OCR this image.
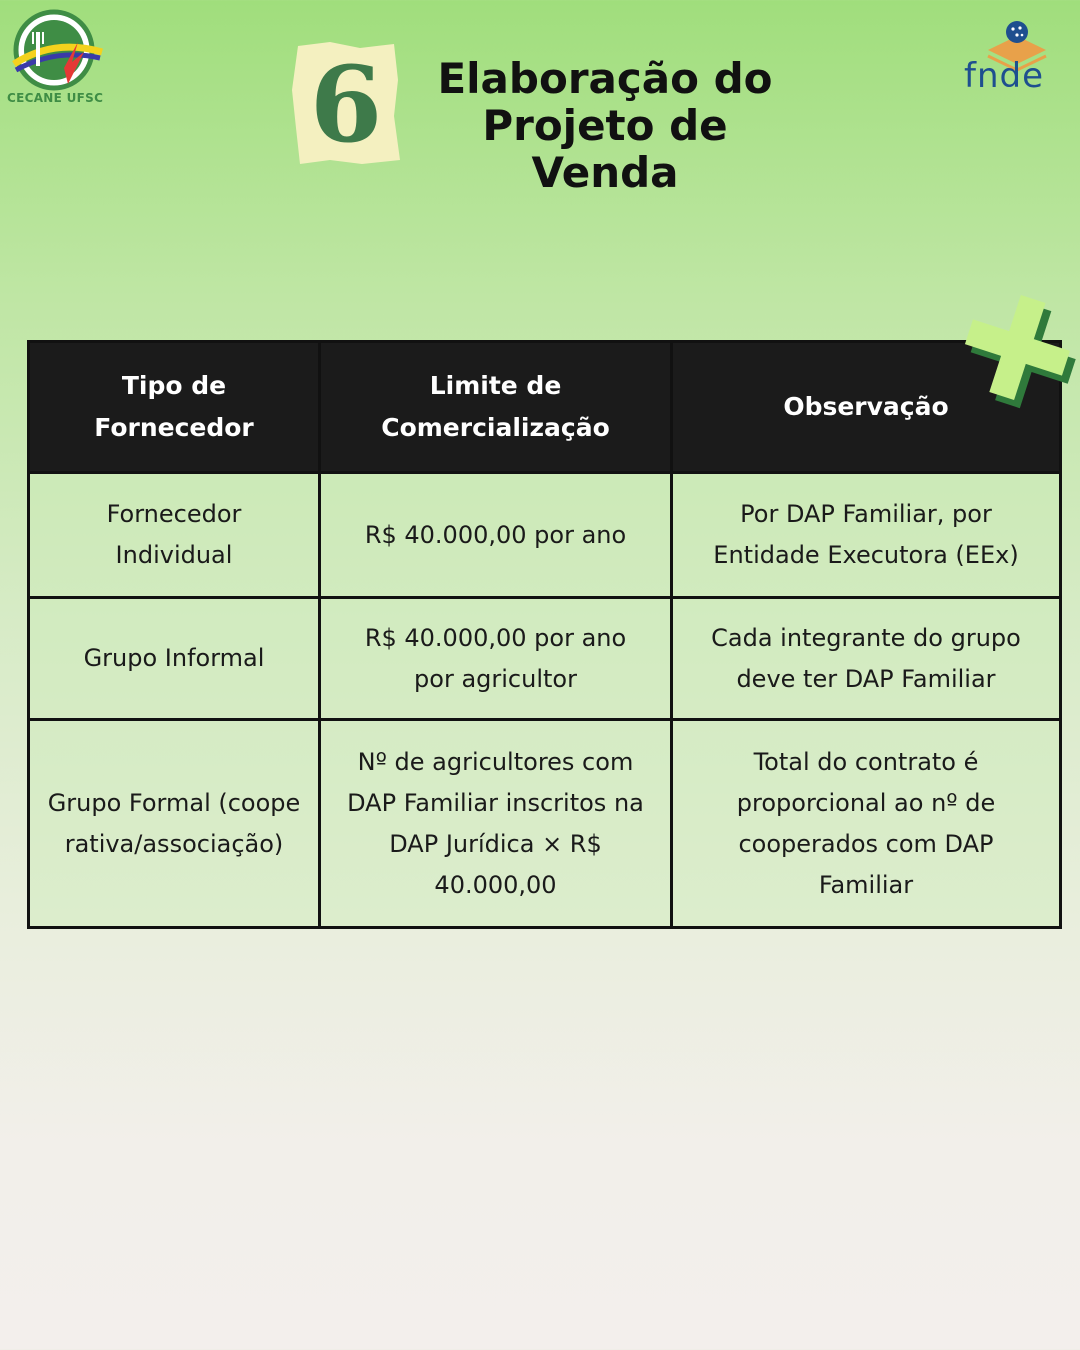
CECANE UFSC 6	Elaboração do
Projeto de Venda
fnde
Tipo de Fornecedor	Limite de Comercialização	Observação
Fornecedor Individual	R$ 40.000,00 por ano	Por DAP Familiar, por Entidade Executora (EEx)
Grupo Informal	R$ 40.000,00 por ano por agricultor	Cada integrante do grupo deve ter DAP Familiar
Grupo Formal (cooperativa/associação)	Nº de agricultores com DAP Familiar inscritos na DAP Jurídica × R$ 40.000,00	Total do contrato é proporcional ao nº de cooperados com DAP Familiar
